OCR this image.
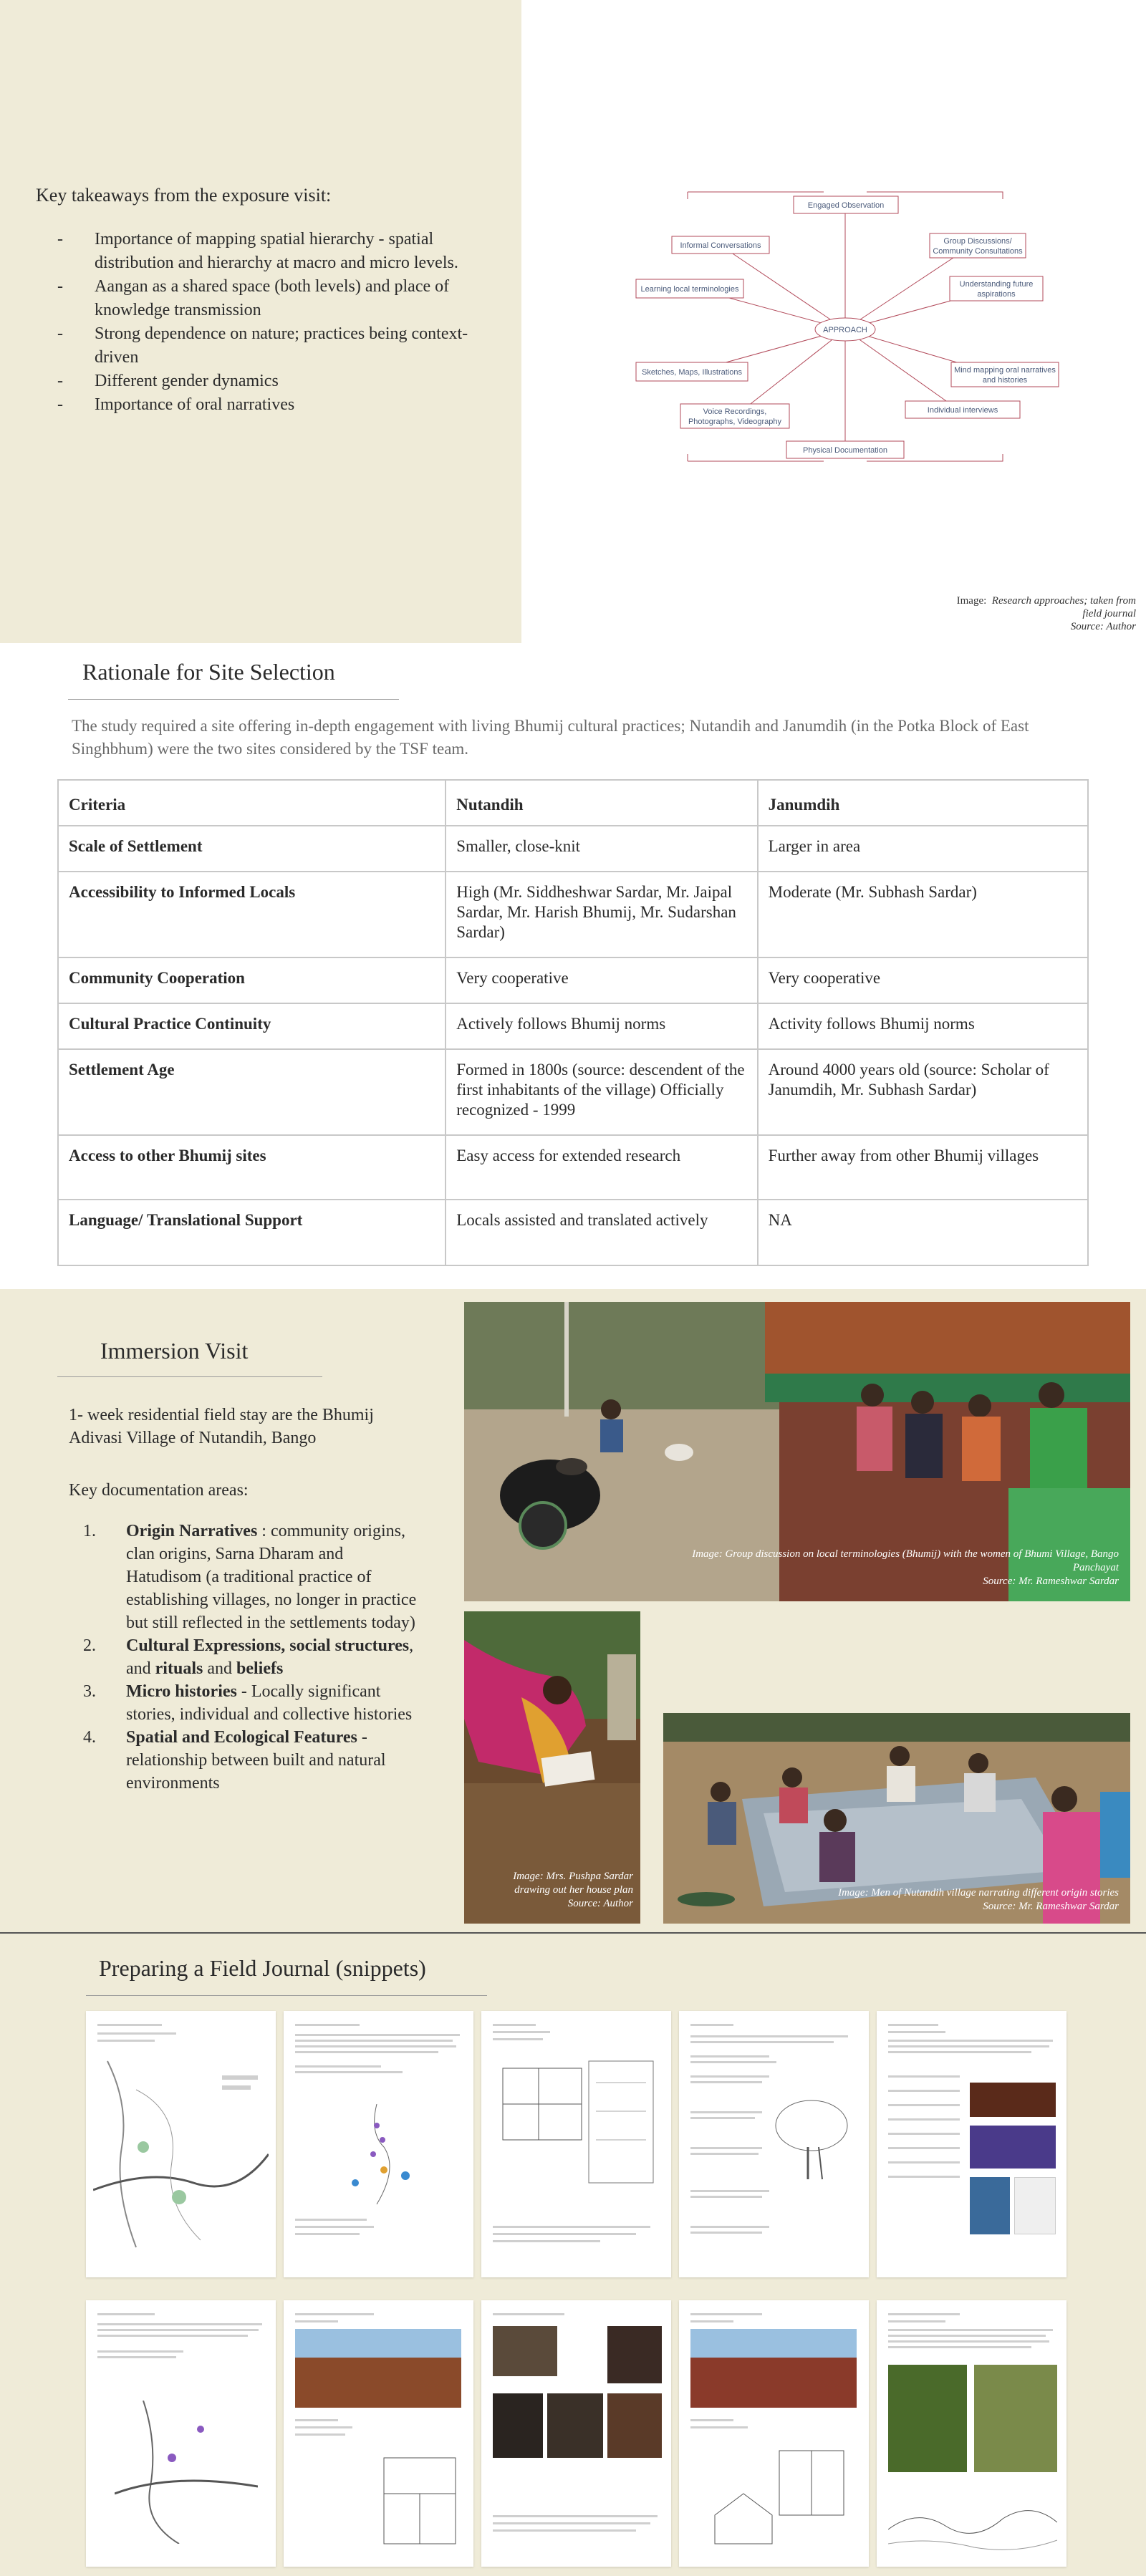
Key takeaways from the exposure visit:
- Importance of mapping spatial hierarchy - spatial distribution and hierarchy at macro and micro levels.
- Aangan as a shared space (both levels) and place of knowledge transmission
- Strong dependence on nature; practices being context-driven
- Different gender dynamics
- Importance of oral narratives
APPROACH
Engaged Observation
Informal Conversations	Group Discussions/
Community Consultations
Learning local terminologies
Understanding future
aspirations
Sketches, Maps, Illustrations	Mind mapping oral narratives
and histories
Voice Recordings,
Photographs, Videography
Individual interviews
Physical Documentation
Image: Research approaches; taken from
field journal
Source: Author
Rationale for Site Selection
The study required a site offering in-depth engagement with living Bhumij cultural practices; Nutandih and Janumdih (in the Potka Block of East Singhbhum) were the two sites considered by the TSF team.
Criteria	Nutandih	Janumdih
Scale of Settlement	Smaller, close-knit	Larger in area
Accessibility to Informed Locals	High (Mr. Siddheshwar Sardar, Mr. Jaipal Sardar, Mr. Harish Bhumij, Mr. Sudarshan Sardar)	Moderate (Mr. Subhash Sardar)
Community Cooperation	Very cooperative	Very cooperative
Cultural Practice Continuity	Actively follows Bhumij norms	Activity follows Bhumij norms
Settlement Age	Formed in 1800s (source: descendent of the first inhabitants of the village) Officially recognized - 1999	Around 4000 years old (source: Scholar of Janumdih, Mr. Subhash Sardar)
Access to other Bhumij sites	Easy access for extended research	Further away from other Bhumij villages
Language/ Translational Support	Locals assisted and translated actively	NA
Immersion Visit
1- week residential field stay are the Bhumij Adivasi Village of Nutandih, Bango
Key documentation areas:
1. Origin Narratives : community origins, clan origins, Sarna Dharam and Hatudisom (a traditional practice of establishing villages, no longer in practice but still reflected in the settlements today)
2. Cultural Expressions, social structures, and rituals and beliefs
3. Micro histories - Locally significant stories, individual and collective histories
4. Spatial and Ecological Features - relationship between built and natural environments
Image: Group discussion on local terminologies (Bhumij) with the women of Bhumi Village, Bango
Panchayat
Source: Mr. Rameshwar Sardar
Image: Mrs. Pushpa Sardar
drawing out her house plan
Source: Author
Image: Men of Nutandih village narrating different origin stories
Source: Mr. Rameshwar Sardar
Preparing a Field Journal (snippets)
